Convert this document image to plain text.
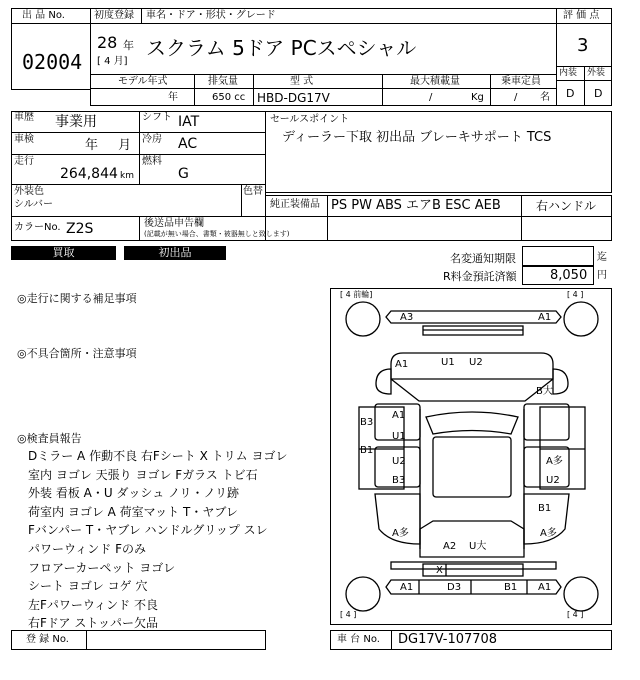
出 品 No.
02004
初度登録 車名・ドア・形状・グレード
28 年
[ 4 月]
スクラム 5ドア PCスペシャル
評 価 点
3
内装 外装
D D
モデル年式	排気量	型 式	最大積載量	乗車定員
年	650 cc HBD-DG17V	/	Kg	/ 名
車歴 事業用	シフト IAT
車検	年 月 冷房 AC
走行
264,844 km
燃料
G
外装色
シルバー
色替
カラーNo. Z2S	後送品申告欄
(記載が無い場合、書類・被器無しと致します)
セールスポイント
ディーラー下取 初出品 ブレーキサポート TCS
純正装備品 PS PW ABS エアB ESC AEB	右ハンドル
買取	初出品	名変通知期限	迄
R料金預託済額	8,050 円
◎走行に関する補足事項
◎不具合箇所・注意事項
◎検査員報告

Dミラー A 作動不良 右Fシート X トリム ヨゴレ

室内 ヨゴレ 天張り ヨゴレ Fガラス トビ石

外装 看板 A・U ダッシュ ノリ・ノリ跡

荷室内 ヨゴレ A 荷室マット T・ヤブレ

Fバンパー T・ヤブレ ハンドルグリップ スレ

パワーウィンド Fのみ

フロアーカーペット ヨゴレ

シート ヨゴレ コゲ 穴

左Fパワーウィンド 不良

右Fドア ストッパー欠品

[ 4 前輪]	[ 4 ]
[ 4 ]	[ 4 ]
A3	A1
A1	U1 U2
B大
B3
B1
A1
U1
U2
B3
A多
U2
B1
A多
A多
A2 U大
X
A1	D3	B1 A1
登 録 No.	車 台 No. DG17V-107708
